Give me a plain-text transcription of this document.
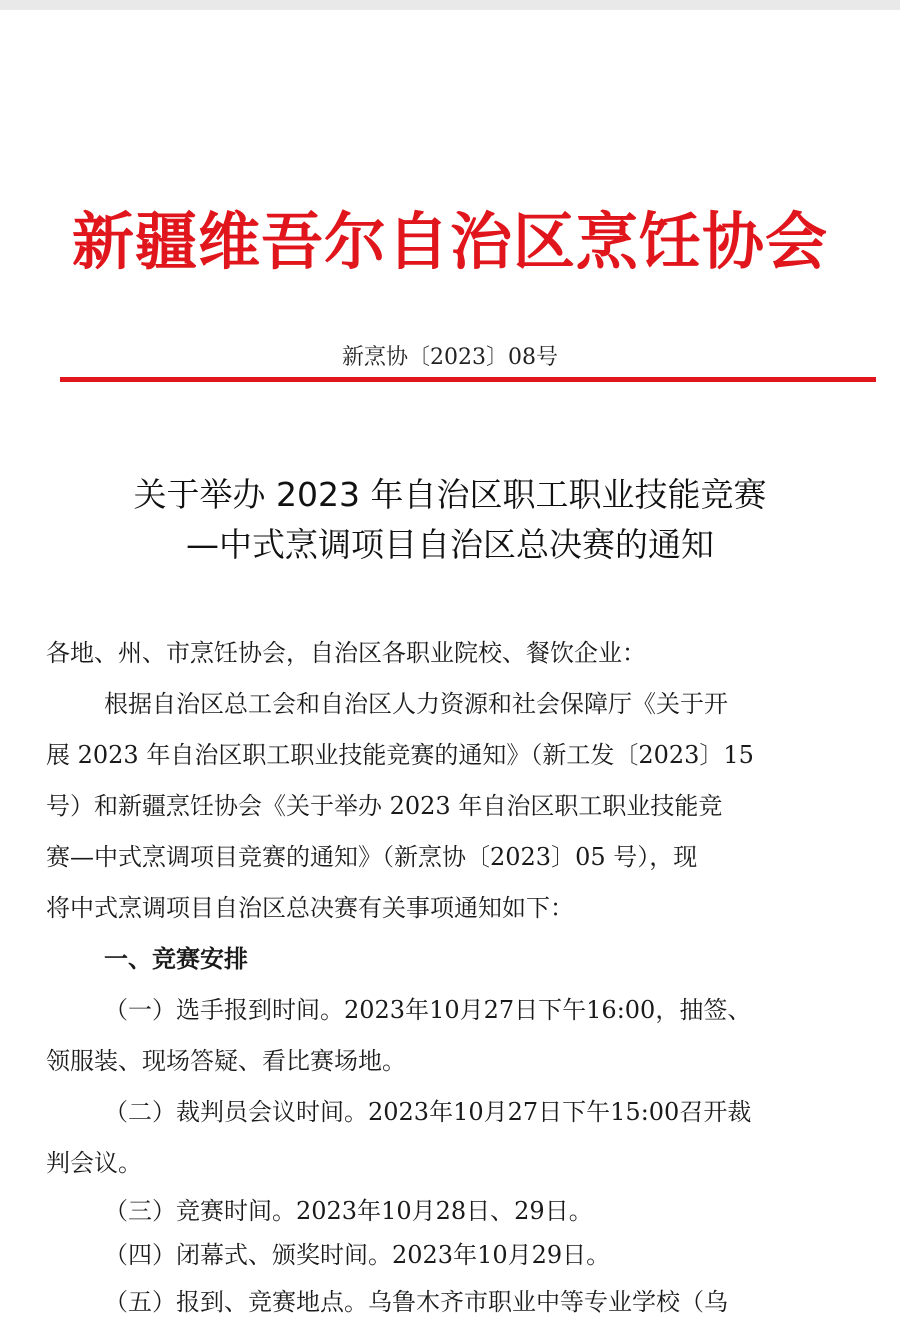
新疆维吾尔自治区烹饪协会
新烹协〔2023〕08号
关于举办 2023 年自治区职工职业技能竞赛
—中式烹调项目自治区总决赛的通知

各地、州、市烹饪协会，自治区各职业院校、餐饮企业：

根据自治区总工会和自治区人力资源和社会保障厅《关于开

展 2023 年自治区职工职业技能竞赛的通知》（新工发〔2023〕15

号）和新疆烹饪协会《关于举办 2023 年自治区职工职业技能竞

赛—中式烹调项目竞赛的通知》（新烹协〔2023〕05 号），现

将中式烹调项目自治区总决赛有关事项通知如下：

一、竞赛安排

（一）选手报到时间。2023年10月27日下午16:00，抽签、

领服装、现场答疑、看比赛场地。

（二）裁判员会议时间。2023年10月27日下午15:00召开裁

判会议。

（三）竞赛时间。2023年10月28日、29日。

（四）闭幕式、颁奖时间。2023年10月29日。

（五）报到、竞赛地点。乌鲁木齐市职业中等专业学校（乌
